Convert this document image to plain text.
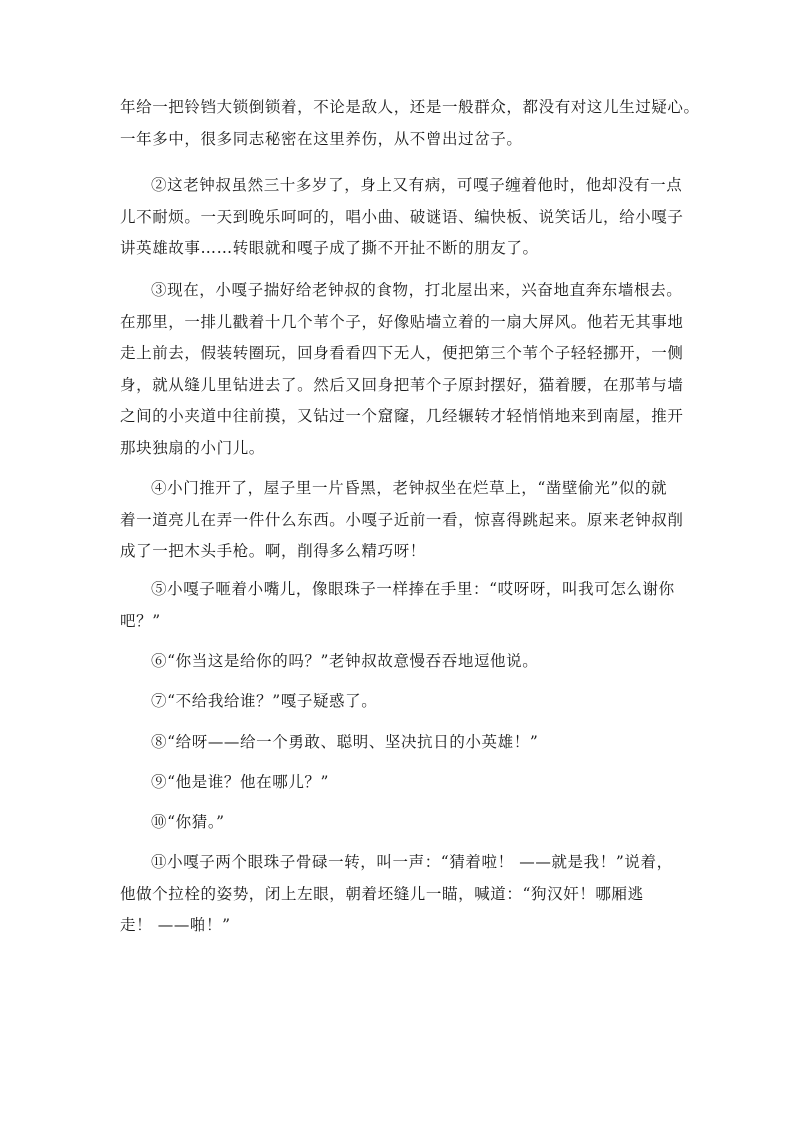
年给一把铃铛大锁倒锁着，不论是敌人，还是一般群众，都没有对这儿生过疑心。
一年多中，很多同志秘密在这里养伤，从不曾出过岔子。

②这老钟叔虽然三十多岁了，身上又有病，可嘎子缠着他时，他却没有一点
儿不耐烦。一天到晚乐呵呵的，唱小曲、破谜语、编快板、说笑话儿，给小嘎子
讲英雄故事……转眼就和嘎子成了撕不开扯不断的朋友了。

③现在，小嘎子揣好给老钟叔的食物，打北屋出来，兴奋地直奔东墙根去。
在那里，一排儿戳着十几个苇个子，好像贴墙立着的一扇大屏风。他若无其事地
走上前去，假装转圈玩，回身看看四下无人，便把第三个苇个子轻轻挪开，一侧
身，就从缝儿里钻进去了。然后又回身把苇个子原封摆好，猫着腰，在那苇与墙
之间的小夹道中往前摸，又钻过一个窟窿，几经辗转才轻悄悄地来到南屋，推开
那块独扇的小门儿。

④小门推开了，屋子里一片昏黑，老钟叔坐在烂草上，“凿壁偷光”似的就
着一道亮儿在弄一件什么东西。小嘎子近前一看，惊喜得跳起来。原来老钟叔削
成了一把木头手枪。啊，削得多么精巧呀！

⑤小嘎子咂着小嘴儿，像眼珠子一样捧在手里：“哎呀呀，叫我可怎么谢你
吧？”

⑥“你当这是给你的吗？”老钟叔故意慢吞吞地逗他说。

⑦“不给我给谁？”嘎子疑惑了。

⑧“给呀——给一个勇敢、聪明、坚决抗日的小英雄！”

⑨“他是谁？他在哪儿？”

⑩“你猜。”

⑪小嘎子两个眼珠子骨碌一转，叫一声：“猜着啦！ ——就是我！”说着，
他做个拉栓的姿势，闭上左眼，朝着坯缝儿一瞄，喊道：“狗汉奸！哪厢逃
走！ ——啪！”
